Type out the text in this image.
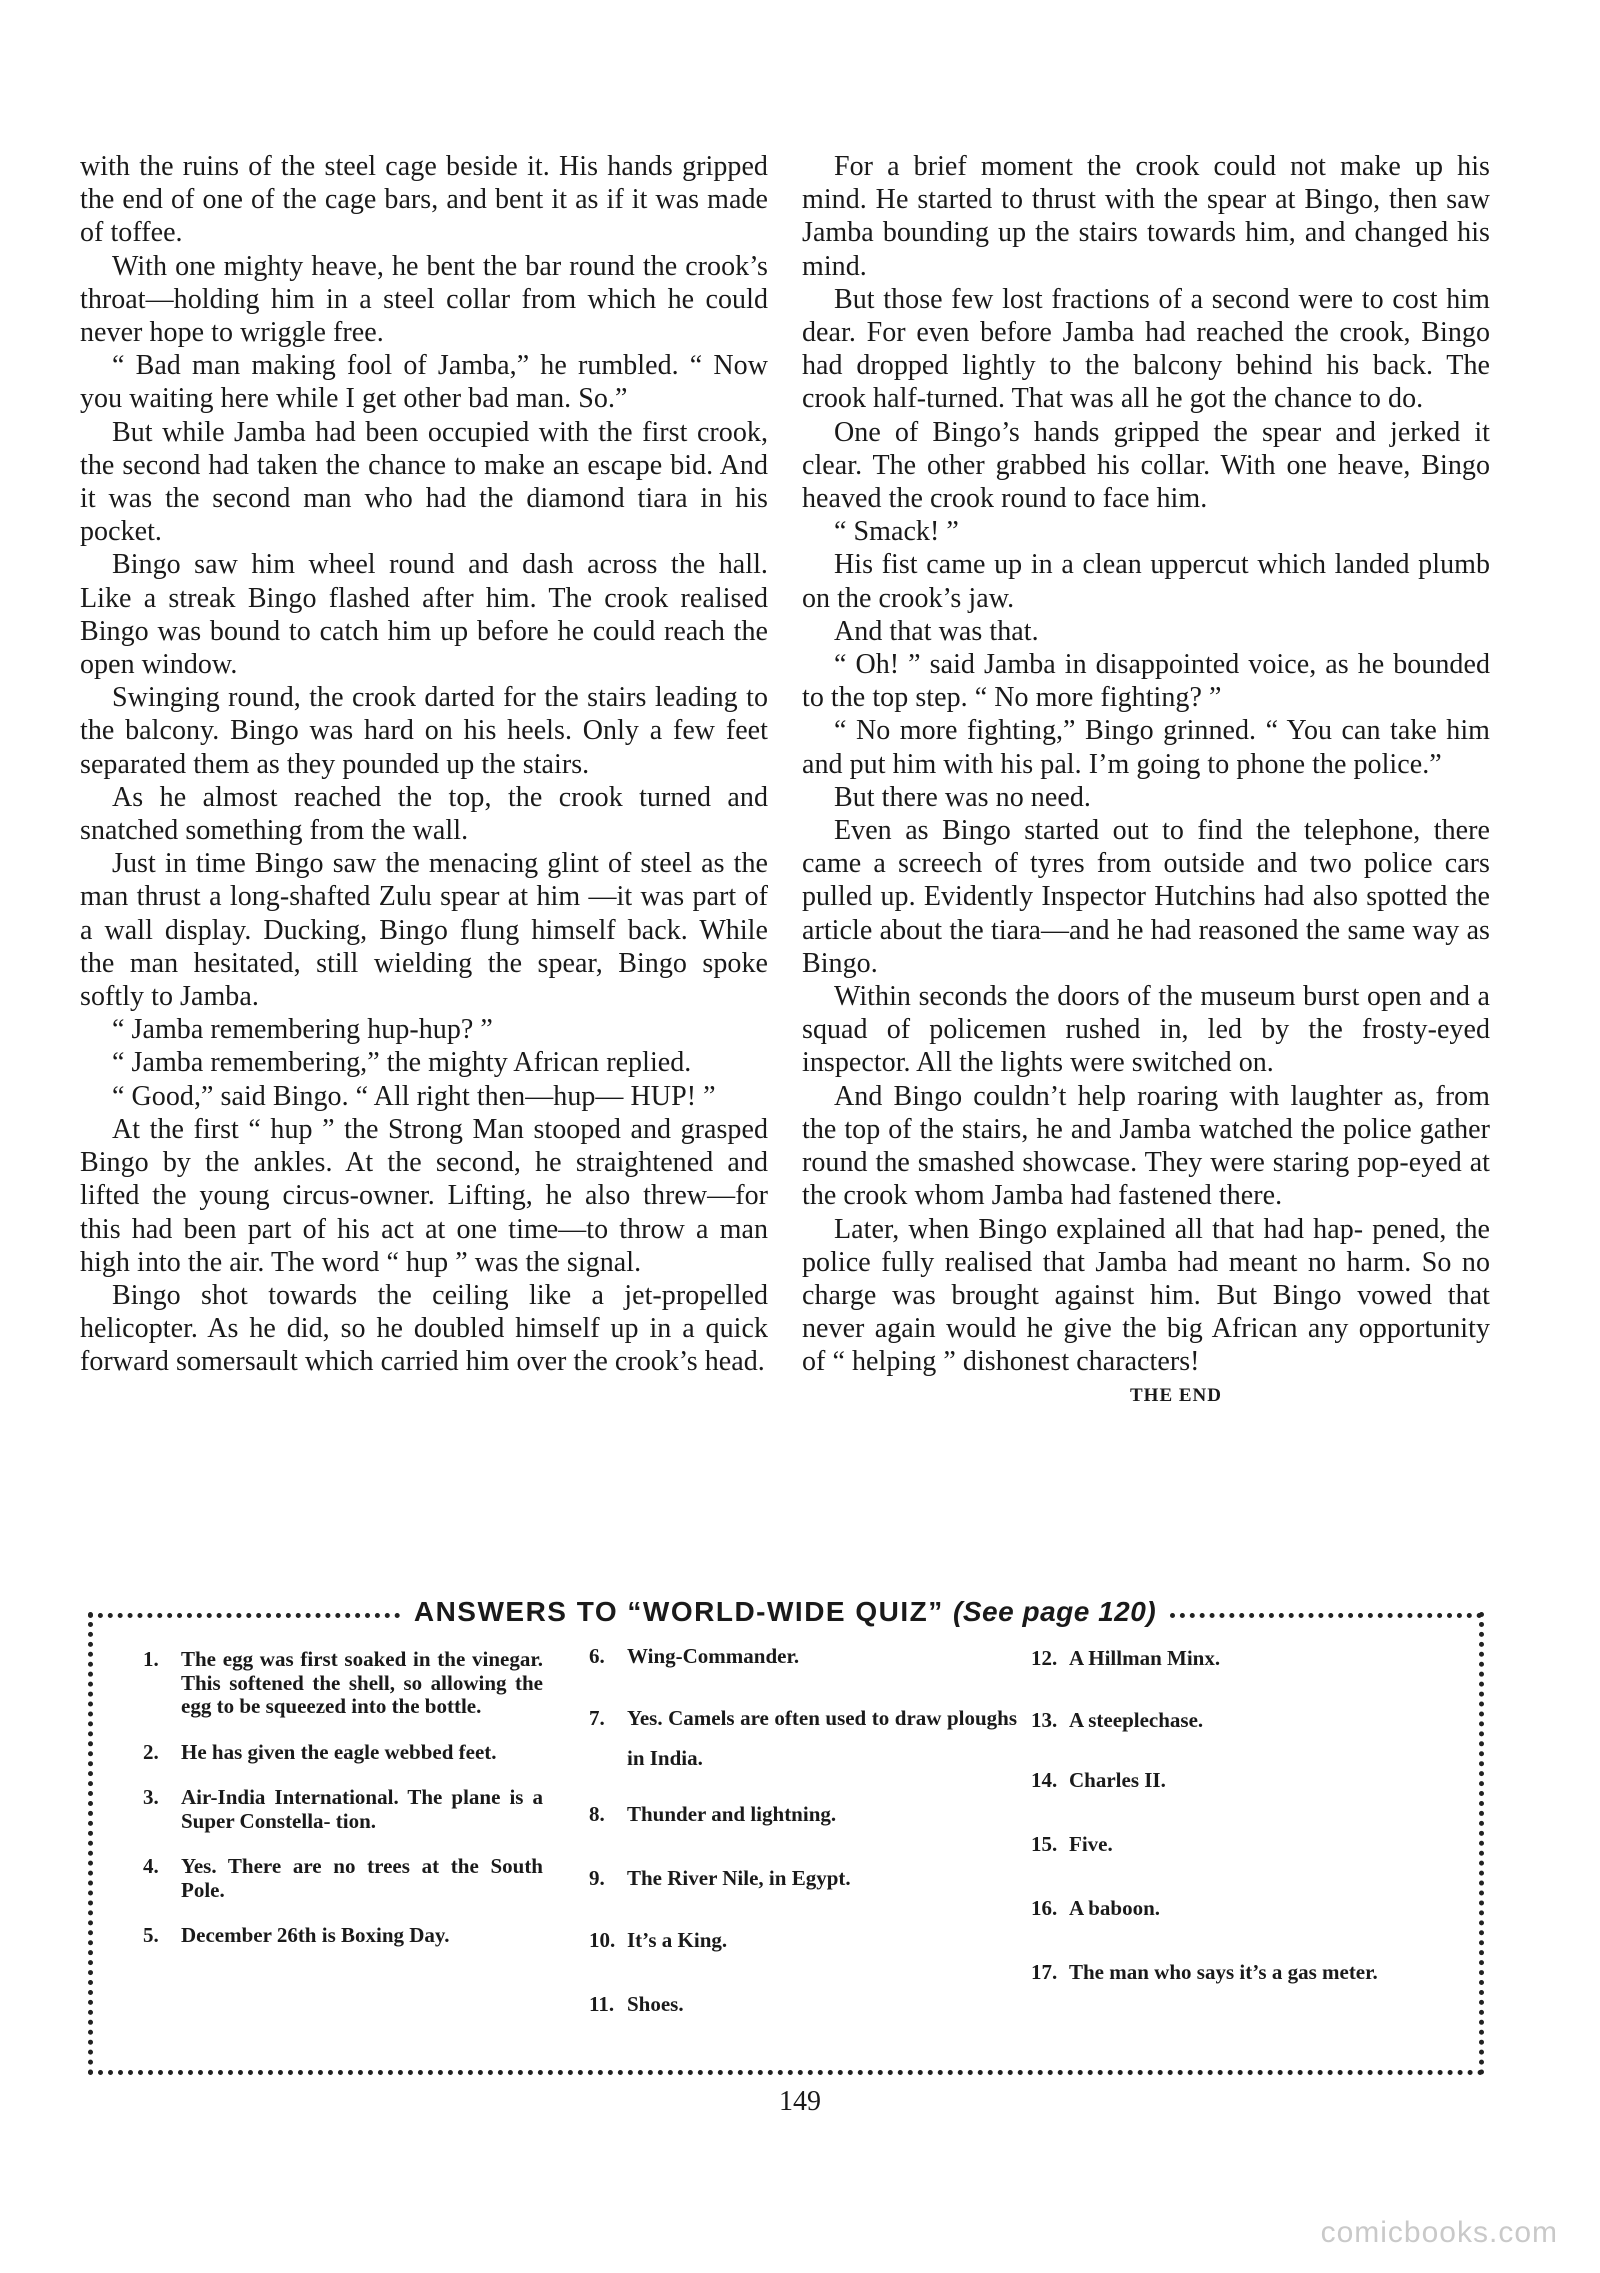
with the ruins of the steel cage beside it. His hands gripped the end of one of the cage bars, and bent it as if it was made of toffee.

With one mighty heave, he bent the bar round the crook’s throat—holding him in a steel collar from which he could never hope to wriggle free.

“ Bad man making fool of Jamba,” he rumbled. “ Now you waiting here while I get other bad man. So.”

But while Jamba had been occupied with the first crook, the second had taken the chance to make an escape bid. And it was the second man who had the diamond tiara in his pocket.

Bingo saw him wheel round and dash across the hall. Like a streak Bingo flashed after him. The crook realised Bingo was bound to catch him up before he could reach the open window.

Swinging round, the crook darted for the stairs leading to the balcony. Bingo was hard on his heels. Only a few feet separated them as they pounded up the stairs.

As he almost reached the top, the crook turned and snatched something from the wall.

Just in time Bingo saw the menacing glint of steel as the man thrust a long-shafted Zulu spear at him —it was part of a wall display. Ducking, Bingo flung himself back. While the man hesitated, still wielding the spear, Bingo spoke softly to Jamba.

“ Jamba remembering hup-hup? ”

“ Jamba remembering,” the mighty African replied.

“ Good,” said Bingo. “ All right then—hup— HUP! ”

At the first “ hup ” the Strong Man stooped and grasped Bingo by the ankles. At the second, he straightened and lifted the young circus-owner. Lifting, he also threw—for this had been part of his act at one time—to throw a man high into the air. The word “ hup ” was the signal.

Bingo shot towards the ceiling like a jet-propelled helicopter. As he did, so he doubled himself up in a quick forward somersault which carried him over the crook’s head.

For a brief moment the crook could not make up his mind. He started to thrust with the spear at Bingo, then saw Jamba bounding up the stairs towards him, and changed his mind.

But those few lost fractions of a second were to cost him dear. For even before Jamba had reached the crook, Bingo had dropped lightly to the balcony behind his back. The crook half-turned. That was all he got the chance to do.

One of Bingo’s hands gripped the spear and jerked it clear. The other grabbed his collar. With one heave, Bingo heaved the crook round to face him.

“ Smack! ”

His fist came up in a clean uppercut which landed plumb on the crook’s jaw.

And that was that.

“ Oh! ” said Jamba in disappointed voice, as he bounded to the top step. “ No more fighting? ”

“ No more fighting,” Bingo grinned. “ You can take him and put him with his pal. I’m going to phone the police.”

But there was no need.

Even as Bingo started out to find the telephone, there came a screech of tyres from outside and two police cars pulled up. Evidently Inspector Hutchins had also spotted the article about the tiara—and he had reasoned the same way as Bingo.

Within seconds the doors of the museum burst open and a squad of policemen rushed in, led by the frosty-eyed inspector. All the lights were switched on.

And Bingo couldn’t help roaring with laughter as, from the top of the stairs, he and Jamba watched the police gather round the smashed showcase. They were staring pop-eyed at the crook whom Jamba had fastened there.

Later, when Bingo explained all that had hap- pened, the police fully realised that Jamba had meant no harm. So no charge was brought against him. But Bingo vowed that never again would he give the big African any opportunity of “ helping ” dishonest characters!

THE END
ANSWERS TO “WORLD-WIDE QUIZ” (See page 120)
1.	The egg was first soaked in the vinegar. This softened the shell, so allowing the egg to be squeezed into the bottle.
2.	He has given the eagle webbed feet.
3.	Air-India International. The plane is a Super Constella- tion.
4.	Yes. There are no trees at the South Pole.
5.	December 26th is Boxing Day.
6.	Wing-Commander.
7.	Yes. Camels are often used to draw ploughs in India.
8.	Thunder and lightning.
9.	The River Nile, in Egypt.
10. It’s a King.
11. Shoes.
12. A Hillman Minx.
13. A steeplechase.
14. Charles II.
15. Five.
16. A baboon.
17. The man who says it’s a gas meter.
149
comicbooks.com
